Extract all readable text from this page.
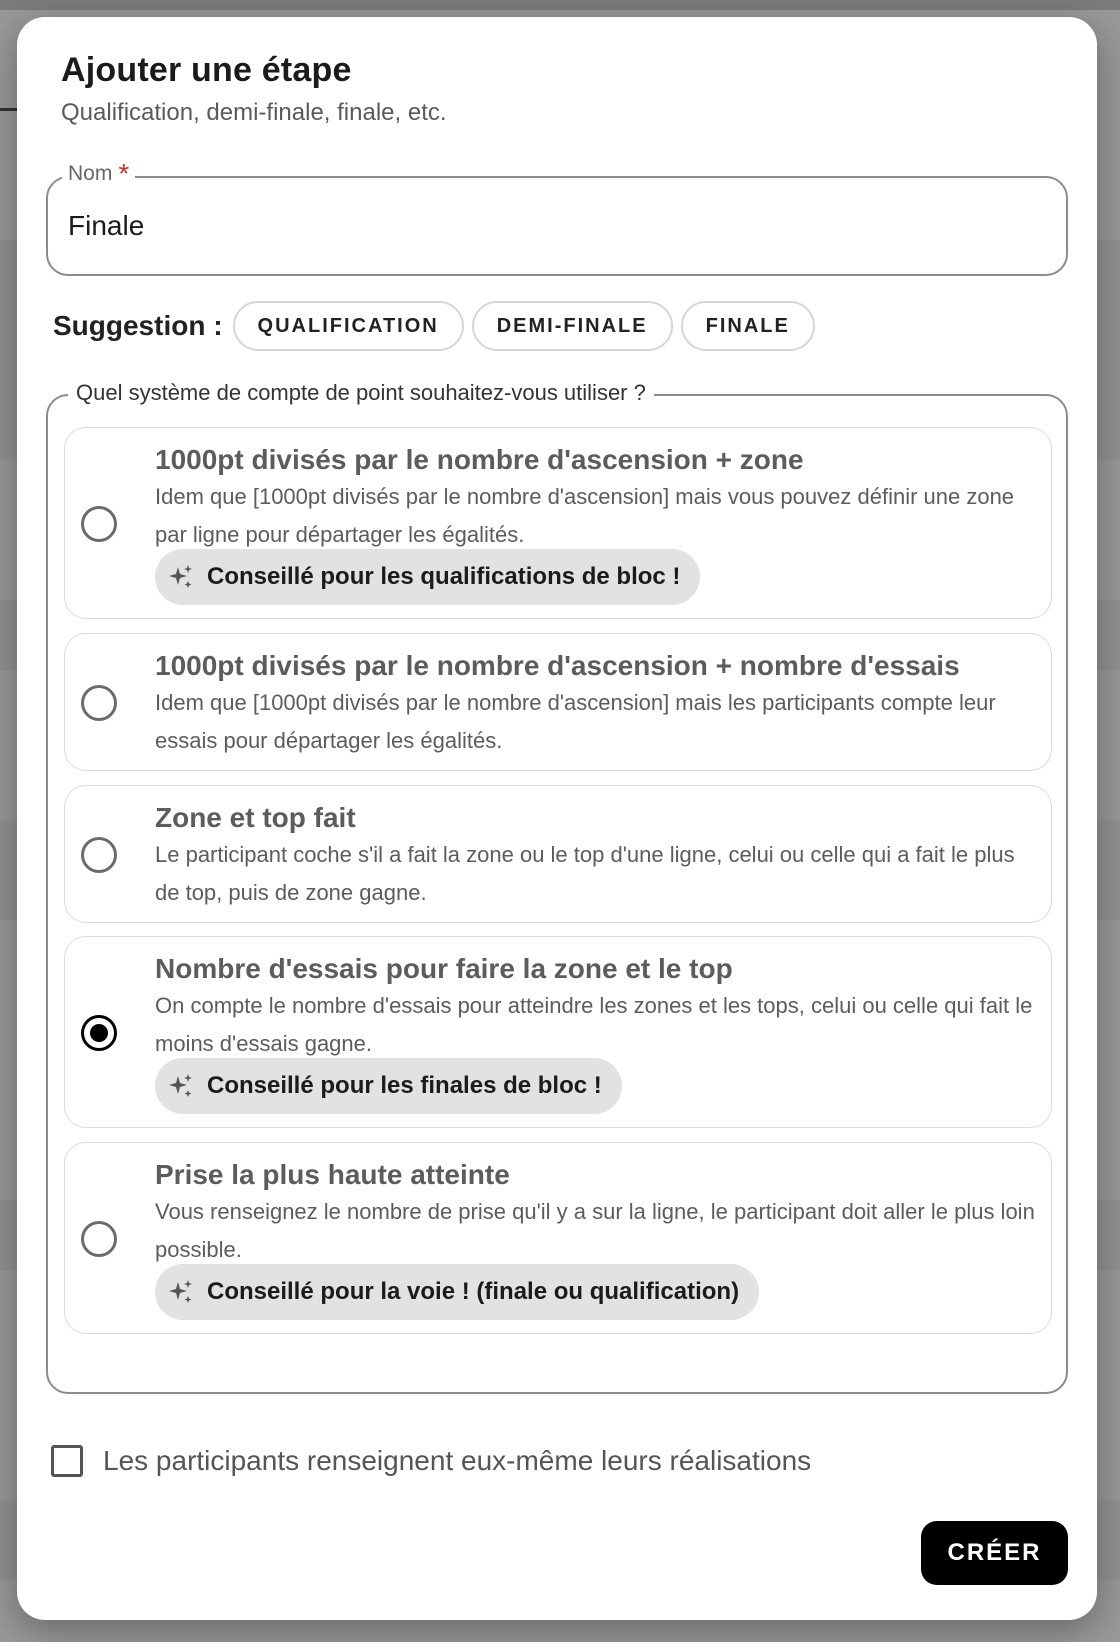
Ajouter une étape
Qualification, demi-finale, finale, etc.
Nom *
Finale
Suggestion :	QUALIFICATION	DEMI-FINALE	FINALE
Quel système de compte de point souhaitez-vous utiliser ?
1000pt divisés par le nombre d'ascension + zone
Idem que [1000pt divisés par le nombre d'ascension] mais vous pouvez définir une zone par ligne pour départager les égalités.
Conseillé pour les qualifications de bloc !
1000pt divisés par le nombre d'ascension + nombre d'essais
Idem que [1000pt divisés par le nombre d'ascension] mais les participants compte leur essais pour départager les égalités.
Zone et top fait
Le participant coche s'il a fait la zone ou le top d'une ligne, celui ou celle qui a fait le plus de top, puis de zone gagne.
Nombre d'essais pour faire la zone et le top
On compte le nombre d'essais pour atteindre les zones et les tops, celui ou celle qui fait le moins d'essais gagne.
Conseillé pour les finales de bloc !
Prise la plus haute atteinte
Vous renseignez le nombre de prise qu'il y a sur la ligne, le participant doit aller le plus loin possible.
Conseillé pour la voie ! (finale ou qualification)
Les participants renseignent eux-même leurs réalisations
CRÉER
